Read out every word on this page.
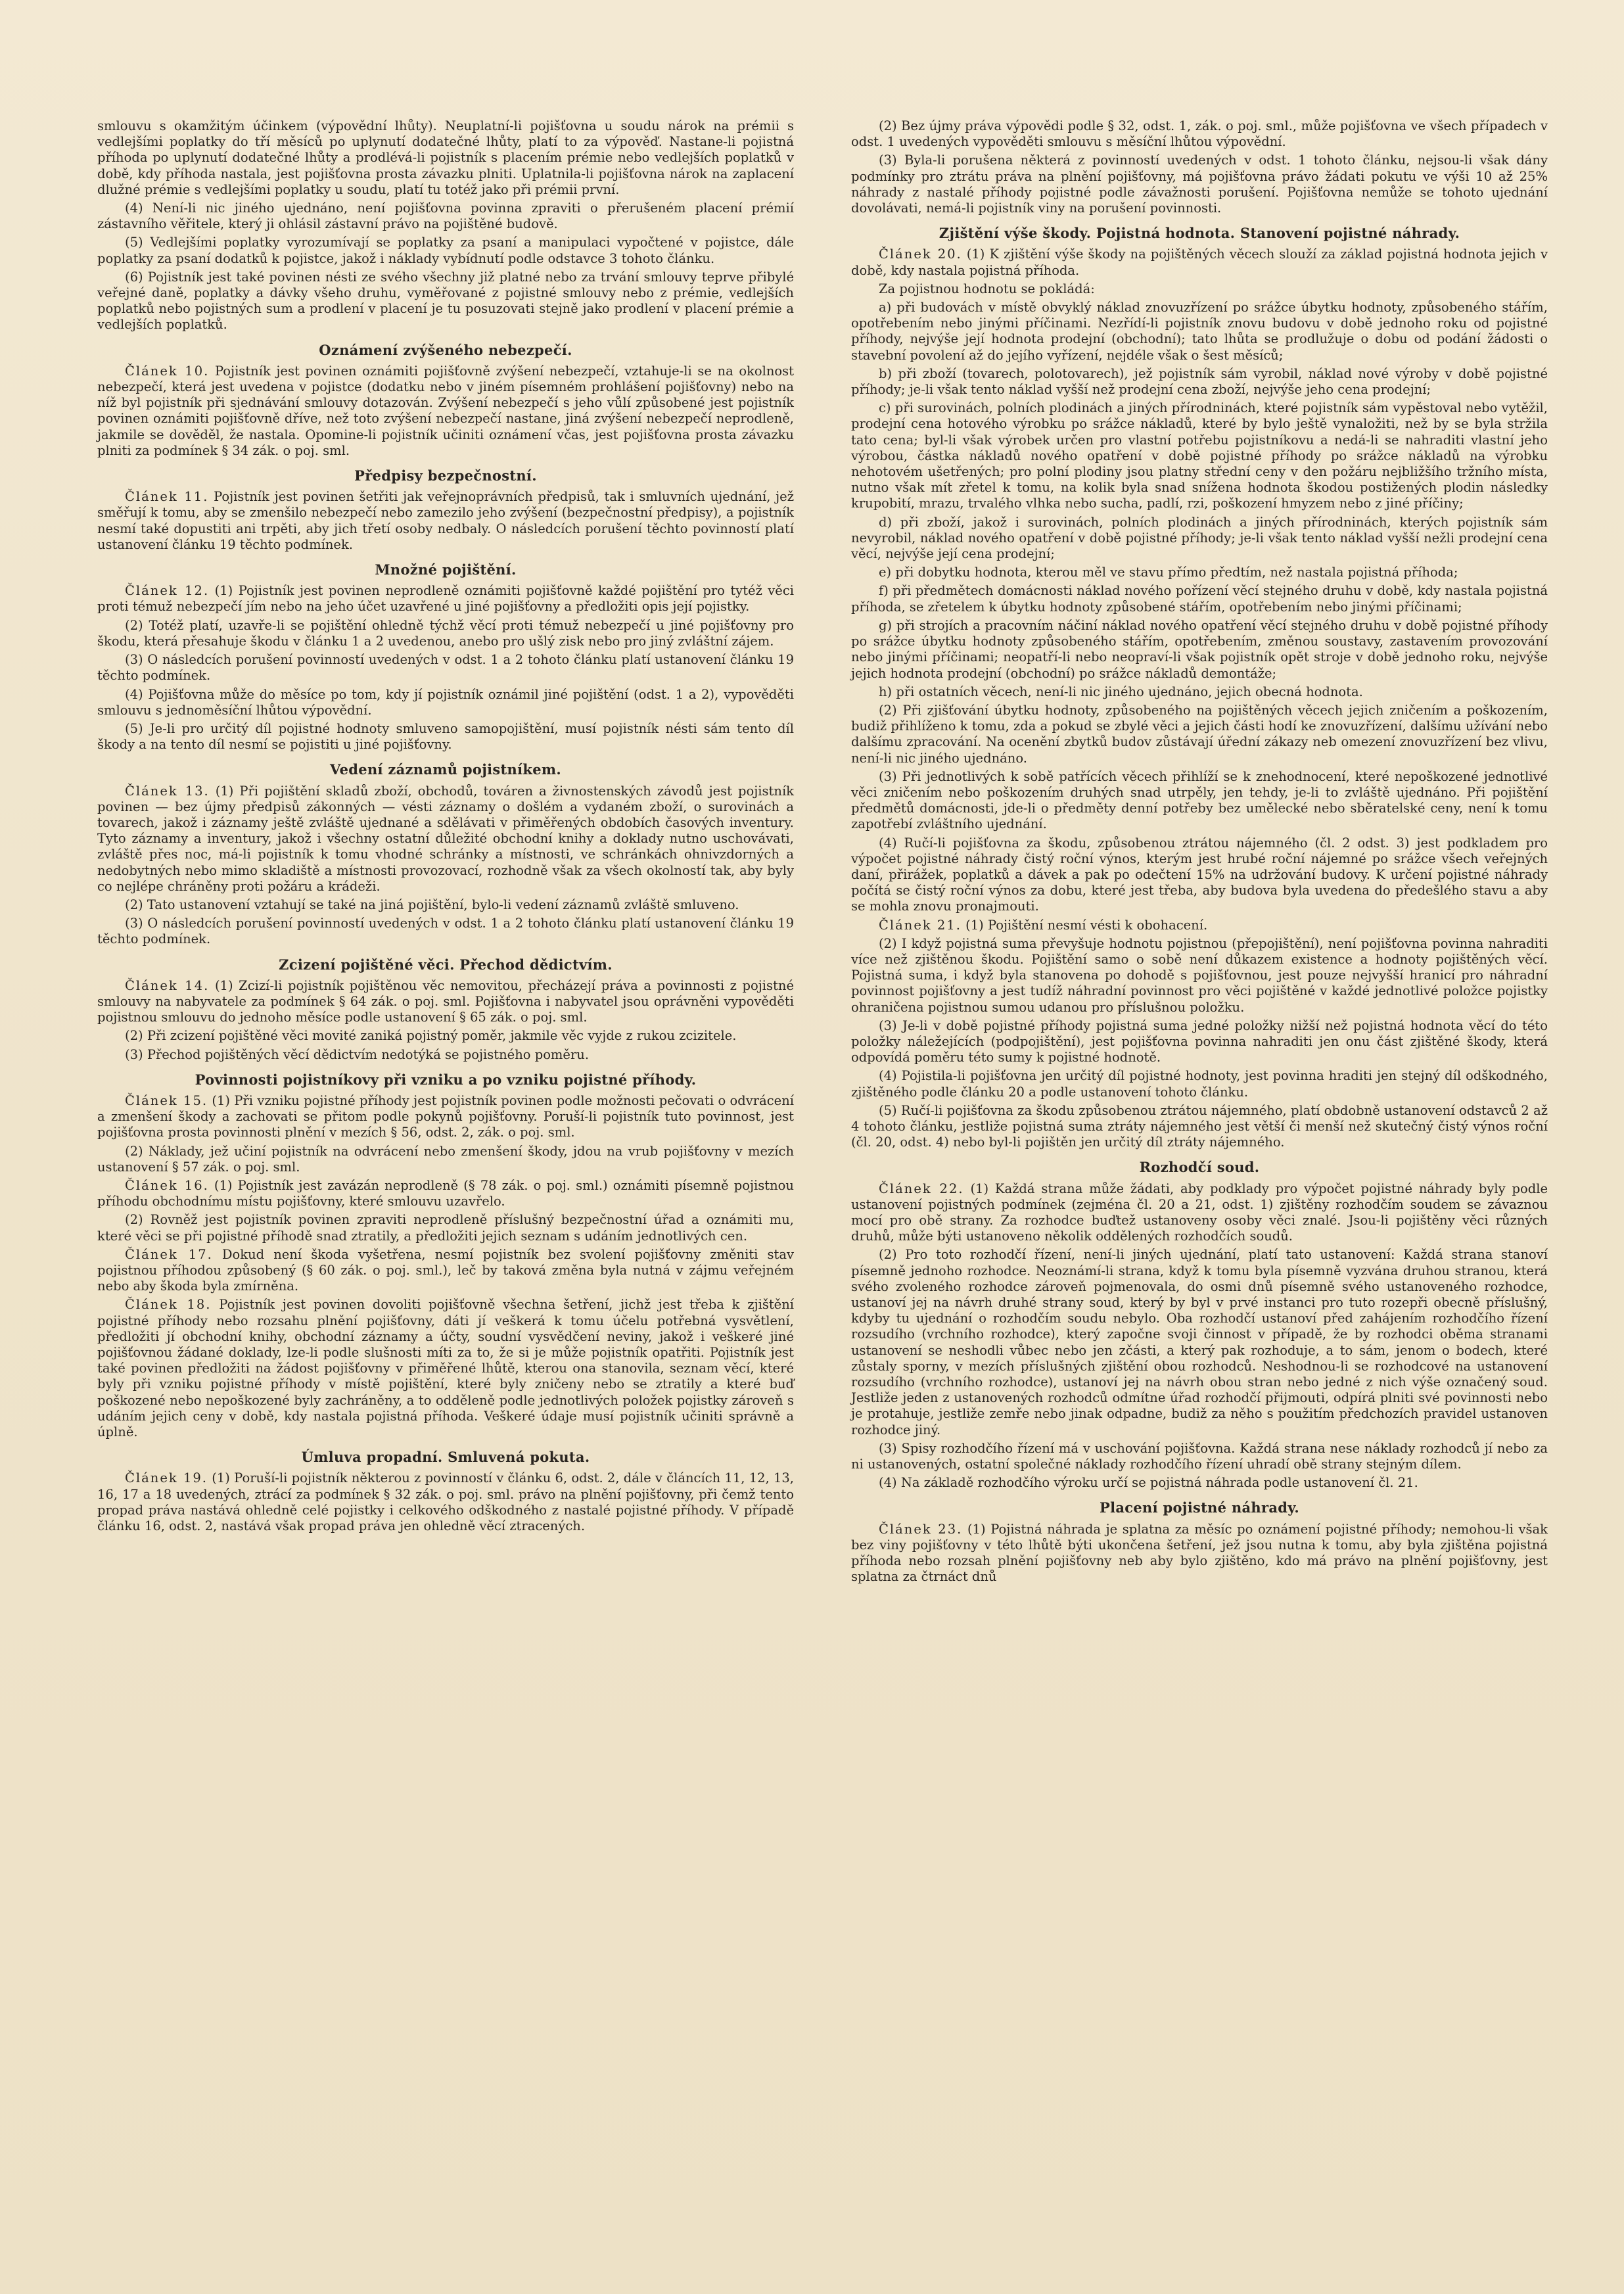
smlouvu s okamžitým účinkem (výpovědní lhůty). Neuplatní-li pojišťovna u soudu nárok na prémii s vedlejšími poplatky do tří měsíců po uplynutí dodatečné lhůty, platí to za výpověď. Nastane-li pojistná příhoda po uplynutí dodatečné lhůty a prodlévá-li pojistník s placením prémie nebo vedlejších poplatků v době, kdy příhoda nastala, jest pojišťovna prosta závazku plniti. Uplatnila-li pojišťovna nárok na zaplacení dlužné prémie s vedlejšími poplatky u soudu, platí tu totéž jako při prémii první.

(4) Není-li nic jiného ujednáno, není pojišťovna povinna zpraviti o přerušeném placení prémií zástavního věřitele, který ji ohlásil zástavní právo na pojištěné budově.

(5) Vedlejšími poplatky vyrozumívají se poplatky za psaní a manipulaci vypočtené v pojistce, dále poplatky za psaní dodatků k pojistce, jakož i náklady vybídnutí podle odstavce 3 tohoto článku.

(6) Pojistník jest také povinen nésti ze svého všechny již platné nebo za trvání smlouvy teprve přibylé veřejné daně, poplatky a dávky všeho druhu, vyměřované z pojistné smlouvy nebo z prémie, vedlejších poplatků nebo pojistných sum a prodlení v placení je tu posuzovati stejně jako prodlení v placení prémie a vedlejších poplatků.

Oznámení zvýšeného nebezpečí.

Článek 10. Pojistník jest povinen oznámiti pojišťovně zvýšení nebezpečí, vztahuje-li se na okolnost nebezpečí, která jest uvedena v pojistce (dodatku nebo v jiném písemném prohlášení pojišťovny) nebo na níž byl pojistník při sjednávání smlouvy dotazován. Zvýšení nebezpečí s jeho vůlí způsobené jest pojistník povinen oznámiti pojišťovně dříve, než toto zvýšení nebezpečí nastane, jiná zvýšení nebezpečí neprodleně, jakmile se dověděl, že nastala. Opomine-li pojistník učiniti oznámení včas, jest pojišťovna prosta závazku plniti za podmínek § 34 zák. o poj. sml.

Předpisy bezpečnostní.

Článek 11. Pojistník jest povinen šetřiti jak veřejnoprávních předpisů, tak i smluvních ujednání, jež směřují k tomu, aby se zmenšilo nebezpečí nebo zamezilo jeho zvýšení (bezpečnostní předpisy), a pojistník nesmí také dopustiti ani trpěti, aby jich třetí osoby nedbaly. O následcích porušení těchto povinností platí ustanovení článku 19 těchto podmínek.

Množné pojištění.

Článek 12. (1) Pojistník jest povinen neprodleně oznámiti pojišťovně každé pojištění pro tytéž věci proti témuž nebezpečí jím nebo na jeho účet uzavřené u jiné pojišťovny a předložiti opis její pojistky.

(2) Totéž platí, uzavře-li se pojištění ohledně týchž věcí proti témuž nebezpečí u jiné pojišťovny pro škodu, která přesahuje škodu v článku 1 a 2 uvedenou, anebo pro ušlý zisk nebo pro jiný zvláštní zájem.

(3) O následcích porušení povinností uvedených v odst. 1 a 2 tohoto článku platí ustanovení článku 19 těchto podmínek.

(4) Pojišťovna může do měsíce po tom, kdy jí pojistník oznámil jiné pojištění (odst. 1 a 2), vypověděti smlouvu s jednoměsíční lhůtou výpovědní.

(5) Je-li pro určitý díl pojistné hodnoty smluveno samopojištění, musí pojistník nésti sám tento díl škody a na tento díl nesmí se pojistiti u jiné pojišťovny.

Vedení záznamů pojistníkem.

Článek 13. (1) Při pojištění skladů zboží, obchodů, továren a živnostenských závodů jest pojistník povinen — bez újmy předpisů zákonných — vésti záznamy o došlém a vydaném zboží, o surovinách a tovarech, jakož i záznamy ještě zvláště ujednané a sdělávati v přiměřených obdobích časových inventury. Tyto záznamy a inventury, jakož i všechny ostatní důležité obchodní knihy a doklady nutno uschovávati, zvláště přes noc, má-li pojistník k tomu vhodné schránky a místnosti, ve schránkách ohnivzdorných a nedobytných nebo mimo skladiště a místnosti provozovací, rozhodně však za všech okolností tak, aby byly co nejlépe chráněny proti požáru a krádeži.

(2) Tato ustanovení vztahují se také na jiná pojištění, bylo-li vedení záznamů zvláště smluveno.

(3) O následcích porušení povinností uvedených v odst. 1 a 2 tohoto článku platí ustanovení článku 19 těchto podmínek.

Zcizení pojištěné věci. Přechod dědictvím.

Článek 14. (1) Zcizí-li pojistník pojištěnou věc nemovitou, přecházejí práva a povinnosti z pojistné smlouvy na nabyvatele za podmínek § 64 zák. o poj. sml. Pojišťovna i nabyvatel jsou oprávněni vypověděti pojistnou smlouvu do jednoho měsíce podle ustanovení § 65 zák. o poj. sml.

(2) Při zcizení pojištěné věci movité zaniká pojistný poměr, jakmile věc vyjde z rukou zcizitele.

(3) Přechod pojištěných věcí dědictvím nedotýká se pojistného poměru.

Povinnosti pojistníkovy při vzniku a po vzniku pojistné příhody.

Článek 15. (1) Při vzniku pojistné příhody jest pojistník povinen podle možnosti pečovati o odvrácení a zmenšení škody a zachovati se přitom podle pokynů pojišťovny. Poruší-li pojistník tuto povinnost, jest pojišťovna prosta povinnosti plnění v mezích § 56, odst. 2, zák. o poj. sml.

(2) Náklady, jež učiní pojistník na odvrácení nebo zmenšení škody, jdou na vrub pojišťovny v mezích ustanovení § 57 zák. o poj. sml.

Článek 16. (1) Pojistník jest zavázán neprodleně (§ 78 zák. o poj. sml.) oznámiti písemně pojistnou příhodu obchodnímu místu pojišťovny, které smlouvu uzavřelo.

(2) Rovněž jest pojistník povinen zpraviti neprodleně příslušný bezpečnostní úřad a oznámiti mu, které věci se při pojistné příhodě snad ztratily, a předložiti jejich seznam s udáním jednotlivých cen.

Článek 17. Dokud není škoda vyšetřena, nesmí pojistník bez svolení pojišťovny změniti stav pojistnou příhodou způsobený (§ 60 zák. o poj. sml.), leč by taková změna byla nutná v zájmu veřejném nebo aby škoda byla zmírněna.

Článek 18. Pojistník jest povinen dovoliti pojišťovně všechna šetření, jichž jest třeba k zjištění pojistné příhody nebo rozsahu plnění pojišťovny, dáti jí veškerá k tomu účelu potřebná vysvětlení, předložiti jí obchodní knihy, obchodní záznamy a účty, soudní vysvědčení neviny, jakož i veškeré jiné pojišťovnou žádané doklady, lze-li podle slušnosti míti za to, že si je může pojistník opatřiti. Pojistník jest také povinen předložiti na žádost pojišťovny v přiměřené lhůtě, kterou ona stanovila, seznam věcí, které byly při vzniku pojistné příhody v místě pojištění, které byly zničeny nebo se ztratily a které buď poškozené nebo nepoškozené byly zachráněny, a to odděleně podle jednotlivých položek pojistky zároveň s udáním jejich ceny v době, kdy nastala pojistná příhoda. Veškeré údaje musí pojistník učiniti správně a úplně.

Úmluva propadní. Smluvená pokuta.

Článek 19. (1) Poruší-li pojistník některou z povinností v článku 6, odst. 2, dále v článcích 11, 12, 13, 16, 17 a 18 uvedených, ztrácí za podmínek § 32 zák. o poj. sml. právo na plnění pojišťovny, při čemž tento propad práva nastává ohledně celé pojistky i celkového odškodného z nastalé pojistné příhody. V případě článku 16, odst. 2, nastává však propad práva jen ohledně věcí ztracených.

(2) Bez újmy práva výpovědi podle § 32, odst. 1, zák. o poj. sml., může pojišťovna ve všech případech v odst. 1 uvedených vypověděti smlouvu s měsíční lhůtou výpovědní.

(3) Byla-li porušena některá z povinností uvedených v odst. 1 tohoto článku, nejsou-li však dány podmínky pro ztrátu práva na plnění pojišťovny, má pojišťovna právo žádati pokutu ve výši 10 až 25% náhrady z nastalé příhody pojistné podle závažnosti porušení. Pojišťovna nemůže se tohoto ujednání dovolávati, nemá-li pojistník viny na porušení povinnosti.

Zjištění výše škody. Pojistná hodnota. Stanovení pojistné náhrady.

Článek 20. (1) K zjištění výše škody na pojištěných věcech slouží za základ pojistná hodnota jejich v době, kdy nastala pojistná příhoda.

Za pojistnou hodnotu se pokládá:

a) při budovách v místě obvyklý náklad znovuzřízení po srážce úbytku hodnoty, způsobeného stářím, opotřebením nebo jinými příčinami. Nezřídí-li pojistník znovu budovu v době jednoho roku od pojistné příhody, nejvýše její hodnota prodejní (obchodní); tato lhůta se prodlužuje o dobu od podání žádosti o stavební povolení až do jejího vyřízení, nejdéle však o šest měsíců;

b) při zboží (tovarech, polotovarech), jež pojistník sám vyrobil, náklad nové výroby v době pojistné příhody; je-li však tento náklad vyšší než prodejní cena zboží, nejvýše jeho cena prodejní;

c) při surovinách, polních plodinách a jiných přírodninách, které pojistník sám vypěstoval nebo vytěžil, prodejní cena hotového výrobku po srážce nákladů, které by bylo ještě vynaložiti, než by se byla stržila tato cena; byl-li však výrobek určen pro vlastní potřebu pojistníkovu a nedá-li se nahraditi vlastní jeho výrobou, částka nákladů nového opatření v době pojistné příhody po srážce nákladů na výrobku nehotovém ušetřených; pro polní plodiny jsou platny střední ceny v den požáru nejbližšího tržního místa, nutno však mít zřetel k tomu, na kolik byla snad snížena hodnota škodou postižených plodin následky krupobití, mrazu, trvalého vlhka nebo sucha, padlí, rzi, poškození hmyzem nebo z jiné příčiny;

d) při zboží, jakož i surovinách, polních plodinách a jiných přírodninách, kterých pojistník sám nevyrobil, náklad nového opatření v době pojistné příhody; je-li však tento náklad vyšší nežli prodejní cena věcí, nejvýše její cena prodejní;

e) při dobytku hodnota, kterou měl ve stavu přímo předtím, než nastala pojistná příhoda;

f) při předmětech domácnosti náklad nového pořízení věcí stejného druhu v době, kdy nastala pojistná příhoda, se zřetelem k úbytku hodnoty způsobené stářím, opotřebením nebo jinými příčinami;

g) při strojích a pracovním náčiní náklad nového opatření věcí stejného druhu v době pojistné příhody po srážce úbytku hodnoty způsobeného stářím, opotřebením, změnou soustavy, zastavením provozování nebo jinými příčinami; neopatří-li nebo neopraví-li však pojistník opět stroje v době jednoho roku, nejvýše jejich hodnota prodejní (obchodní) po srážce nákladů demontáže;

h) při ostatních věcech, není-li nic jiného ujednáno, jejich obecná hodnota.

(2) Při zjišťování úbytku hodnoty, způsobeného na pojištěných věcech jejich zničením a poškozením, budiž přihlíženo k tomu, zda a pokud se zbylé věci a jejich části hodí ke znovuzřízení, dalšímu užívání nebo dalšímu zpracování. Na ocenění zbytků budov zůstávají úřední zákazy neb omezení znovuzřízení bez vlivu, není-li nic jiného ujednáno.

(3) Při jednotlivých k sobě patřících věcech přihlíží se k znehodnocení, které nepoškozené jednotlivé věci zničením nebo poškozením druhých snad utrpěly, jen tehdy, je-li to zvláště ujednáno. Při pojištění předmětů domácnosti, jde-li o předměty denní potřeby bez umělecké nebo sběratelské ceny, není k tomu zapotřebí zvláštního ujednání.

(4) Ručí-li pojišťovna za škodu, způsobenou ztrátou nájemného (čl. 2 odst. 3) jest podkladem pro výpočet pojistné náhrady čistý roční výnos, kterým jest hrubé roční nájemné po srážce všech veřejných daní, přirážek, poplatků a dávek a pak po odečtení 15% na udržování budovy. K určení pojistné náhrady počítá se čistý roční výnos za dobu, které jest třeba, aby budova byla uvedena do předešlého stavu a aby se mohla znovu pronajmouti.

Článek 21. (1) Pojištění nesmí vésti k obohacení.

(2) I když pojistná suma převyšuje hodnotu pojistnou (přepojištění), není pojišťovna povinna nahraditi více než zjištěnou škodu. Pojištění samo o sobě není důkazem existence a hodnoty pojištěných věcí. Pojistná suma, i když byla stanovena po dohodě s pojišťovnou, jest pouze nejvyšší hranicí pro náhradní povinnost pojišťovny a jest tudíž náhradní povinnost pro věci pojištěné v každé jednotlivé položce pojistky ohraničena pojistnou sumou udanou pro příslušnou položku.

(3) Je-li v době pojistné příhody pojistná suma jedné položky nižší než pojistná hodnota věcí do této položky náležejících (podpojištění), jest pojišťovna povinna nahraditi jen onu část zjištěné škody, která odpovídá poměru této sumy k pojistné hodnotě.

(4) Pojistila-li pojišťovna jen určitý díl pojistné hodnoty, jest povinna hraditi jen stejný díl odškodného, zjištěného podle článku 20 a podle ustanovení tohoto článku.

(5) Ručí-li pojišťovna za škodu způsobenou ztrátou nájemného, platí obdobně ustanovení odstavců 2 až 4 tohoto článku, jestliže pojistná suma ztráty nájemného jest větší či menší než skutečný čistý výnos roční (čl. 20, odst. 4) nebo byl-li pojištěn jen určitý díl ztráty nájemného.

Rozhodčí soud.

Článek 22. (1) Každá strana může žádati, aby podklady pro výpočet pojistné náhrady byly podle ustanovení pojistných podmínek (zejména čl. 20 a 21, odst. 1) zjištěny rozhodčím soudem se závaznou mocí pro obě strany. Za rozhodce buďtež ustanoveny osoby věci znalé. Jsou-li pojištěny věci různých druhů, může býti ustanoveno několik oddělených rozhodčích soudů.

(2) Pro toto rozhodčí řízení, není-li jiných ujednání, platí tato ustanovení: Každá strana stanoví písemně jednoho rozhodce. Neoznámí-li strana, když k tomu byla písemně vyzvána druhou stranou, která svého zvoleného rozhodce zároveň pojmenovala, do osmi dnů písemně svého ustanoveného rozhodce, ustanoví jej na návrh druhé strany soud, který by byl v prvé instanci pro tuto rozepři obecně příslušný, kdyby tu ujednání o rozhodčím soudu nebylo. Oba rozhodčí ustanoví před zahájením rozhodčího řízení rozsudího (vrchního rozhodce), který započne svoji činnost v případě, že by rozhodci oběma stranami ustanovení se neshodli vůbec nebo jen zčásti, a který pak rozhoduje, a to sám, jenom o bodech, které zůstaly sporny, v mezích příslušných zjištění obou rozhodců. Neshodnou-li se rozhodcové na ustanovení rozsudího (vrchního rozhodce), ustanoví jej na návrh obou stran nebo jedné z nich výše označený soud. Jestliže jeden z ustanovených rozhodců odmítne úřad rozhodčí přijmouti, odpírá plniti své povinnosti nebo je protahuje, jestliže zemře nebo jinak odpadne, budiž za něho s použitím předchozích pravidel ustanoven rozhodce jiný.

(3) Spisy rozhodčího řízení má v uschování pojišťovna. Každá strana nese náklady rozhodců jí nebo za ni ustanovených, ostatní společné náklady rozhodčího řízení uhradí obě strany stejným dílem.

(4) Na základě rozhodčího výroku určí se pojistná náhrada podle ustanovení čl. 21.

Placení pojistné náhrady.

Článek 23. (1) Pojistná náhrada je splatna za měsíc po oznámení pojistné příhody; nemohou-li však bez viny pojišťovny v této lhůtě býti ukončena šetření, jež jsou nutna k tomu, aby byla zjištěna pojistná příhoda nebo rozsah plnění pojišťovny neb aby bylo zjištěno, kdo má právo na plnění pojišťovny, jest splatna za čtrnáct dnů
